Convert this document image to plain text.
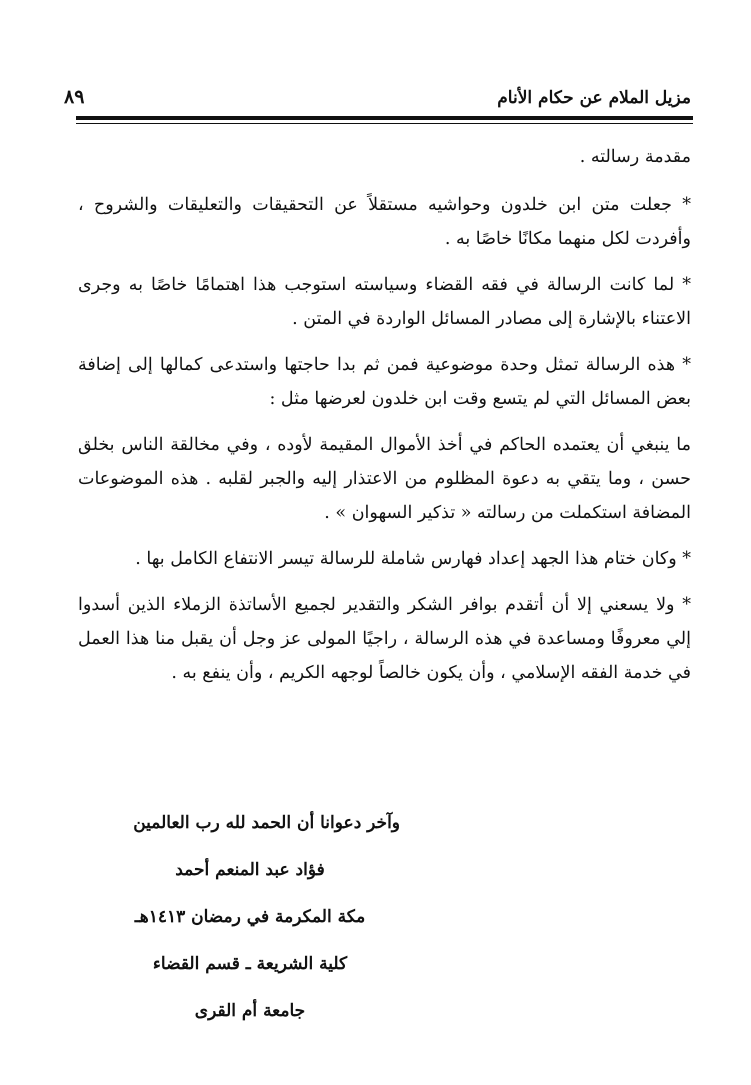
مزيل الملام عن حكام الأنام
٨٩

مقدمة رسالته .

* جعلت متن ابن خلدون وحواشيه مستقلاً عن التحقيقات والتعليقات والشروح ، وأفردت لكل منهما مكانًا خاصًا به .

* لما كانت الرسالة في فقه القضاء وسياسته استوجب هذا اهتمامًا خاصًا به وجرى الاعتناء بالإشارة إلى مصادر المسائل الواردة في المتن .

* هذه الرسالة تمثل وحدة موضوعية فمن ثم بدا حاجتها واستدعى كمالها إلى إضافة بعض المسائل التي لم يتسع وقت ابن خلدون لعرضها مثل :

ما ينبغي أن يعتمده الحاكم في أخذ الأموال المقيمة لأوده ، وفي مخالقة الناس بخلق حسن ، وما يتقي به دعوة المظلوم من الاعتذار إليه والجبر لقلبه . هذه الموضوعات المضافة استكملت من رسالته « تذكير السهوان » .

* وكان ختام هذا الجهد إعداد فهارس شاملة للرسالة تيسر الانتفاع الكامل بها .

* ولا يسعني إلا أن أتقدم بوافر الشكر والتقدير لجميع الأساتذة الزملاء الذين أسدوا إلي معروفًا ومساعدة في هذه الرسالة ، راجيًا المولى عز وجل أن يقبل منا هذا العمل في خدمة الفقه الإسلامي ، وأن يكون خالصاً لوجهه الكريم ، وأن ينفع به .

وآخر دعوانا أن الحمد لله رب العالمين
فؤاد عبد المنعم أحمد
مكة المكرمة في رمضان ١٤١٣هـ
كلية الشريعة ـ قسم القضاء
جامعة أم القرى
